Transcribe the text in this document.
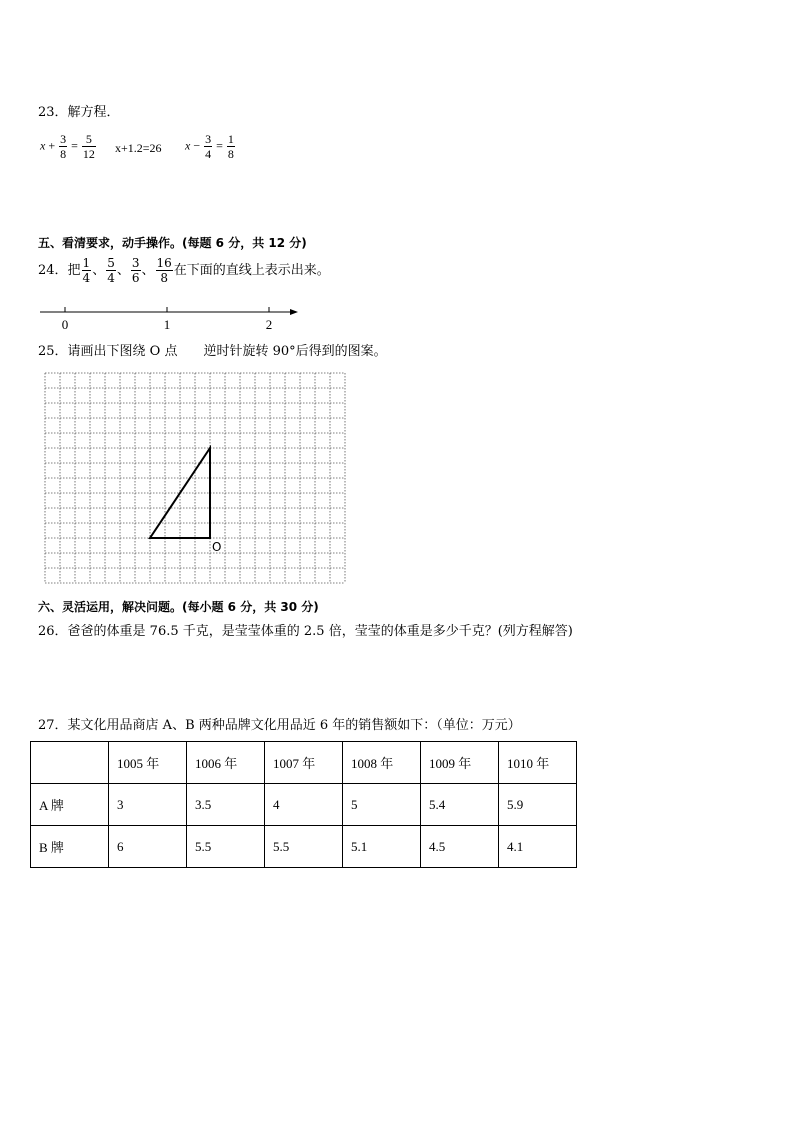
23．解方程．
$x + \frac{3}{8} = \frac{5}{12} x+1.2=26$ $x - \frac{3}{4} = \frac{1}{8}$
五、看清要求，动手操作。(每题 6 分，共 12 分)
24．把 $\frac{1}{4}$ 、 $\frac{5}{4}$ 、 $\frac{3}{6}$ 、 $\frac{16}{8}$ 在下面的直线上表示出来。
0	1	2
25．请画出下图绕 O 点　　逆时针旋转 90°后得到的图案。
O
六、灵活运用，解决问题。(每小题 6 分，共 30 分)
26．爸爸的体重是 76.5 千克，是莹莹体重的 2.5 倍，莹莹的体重是多少千克？(列方程解答)
27．某文化用品商店 A、B 两种品牌文化用品近 6 年的销售额如下：（单位：万元）
	1005 年	1006 年	1007 年	1008 年	1009 年	1010 年
A 牌	3	3.5	4	5	5.4	5.9
B 牌	6	5.5	5.5	5.1	4.5	4.1
